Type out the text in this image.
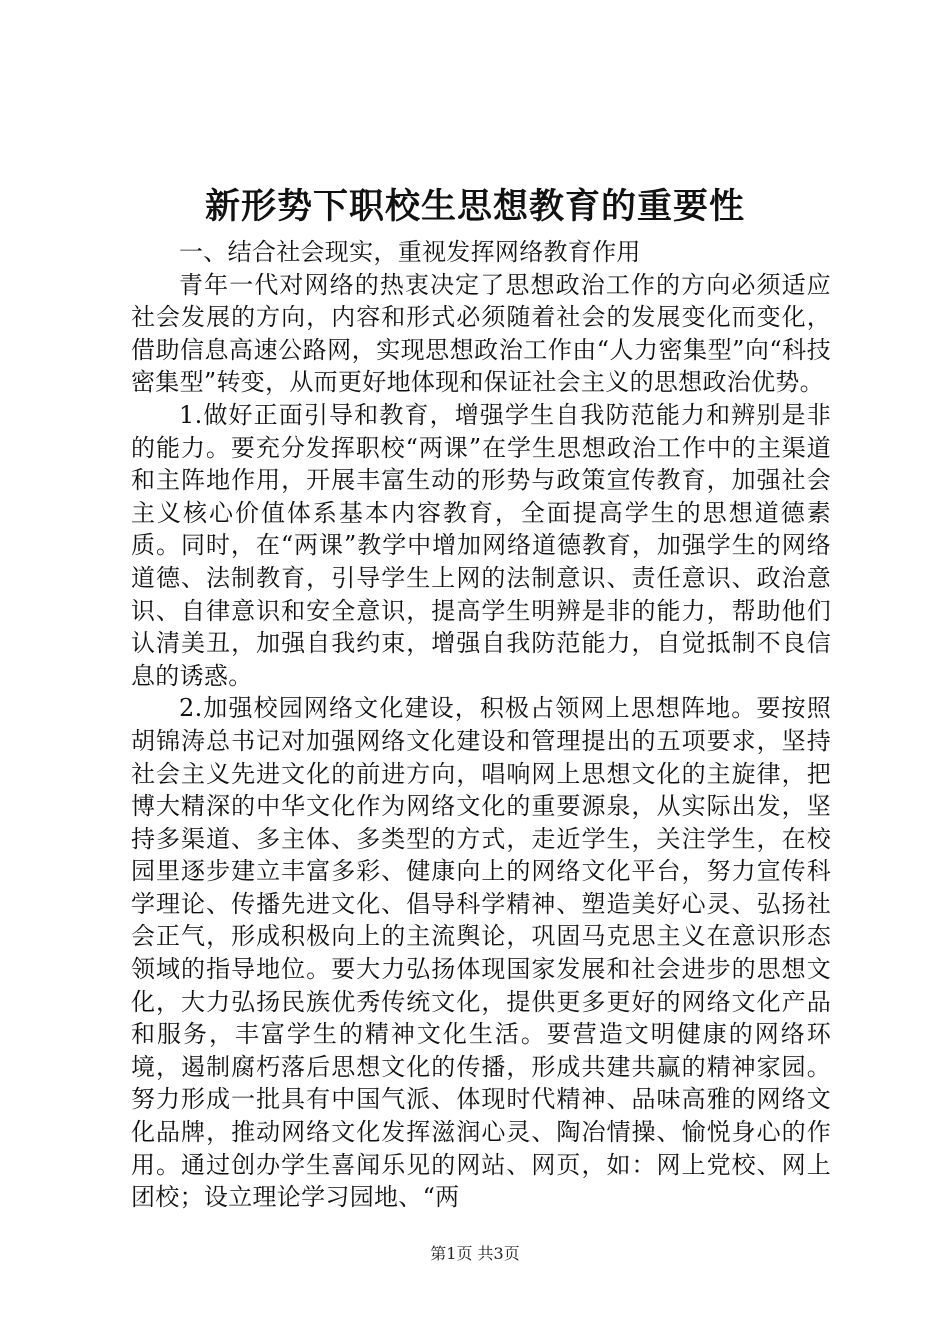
新形势下职校生思想教育的重要性

一、结合社会现实，重视发挥网络教育作用

青年一代对网络的热衷决定了思想政治工作的方向必须适应社会发展的方向，内容和形式必须随着社会的发展变化而变化，借助信息高速公路网，实现思想政治工作由“人力密集型”向“科技密集型”转变，从而更好地体现和保证社会主义的思想政治优势。

1.做好正面引导和教育，增强学生自我防范能力和辨别是非的能力。要充分发挥职校“两课”在学生思想政治工作中的主渠道和主阵地作用，开展丰富生动的形势与政策宣传教育，加强社会主义核心价值体系基本内容教育，全面提高学生的思想道德素质。同时，在“两课”教学中增加网络道德教育，加强学生的网络道德、法制教育，引导学生上网的法制意识、责任意识、政治意识、自律意识和安全意识，提高学生明辨是非的能力，帮助他们认清美丑，加强自我约束，增强自我防范能力，自觉抵制不良信息的诱惑。

2.加强校园网络文化建设，积极占领网上思想阵地。要按照胡锦涛总书记对加强网络文化建设和管理提出的五项要求，坚持社会主义先进文化的前进方向，唱响网上思想文化的主旋律，把博大精深的中华文化作为网络文化的重要源泉，从实际出发，坚持多渠道、多主体、多类型的方式，走近学生，关注学生，在校园里逐步建立丰富多彩、健康向上的网络文化平台，努力宣传科学理论、传播先进文化、倡导科学精神、塑造美好心灵、弘扬社会正气，形成积极向上的主流舆论，巩固马克思主义在意识形态领域的指导地位。要大力弘扬体现国家发展和社会进步的思想文化，大力弘扬民族优秀传统文化，提供更多更好的网络文化产品和服务，丰富学生的精神文化生活。要营造文明健康的网络环境，遏制腐朽落后思想文化的传播，形成共建共赢的精神家园。努力形成一批具有中国气派、体现时代精神、品味高雅的网络文化品牌，推动网络文化发挥滋润心灵、陶冶情操、愉悦身心的作用。通过创办学生喜闻乐见的网站、网页，如：网上党校、网上团校；设立理论学习园地、“两

第1页 共3页
